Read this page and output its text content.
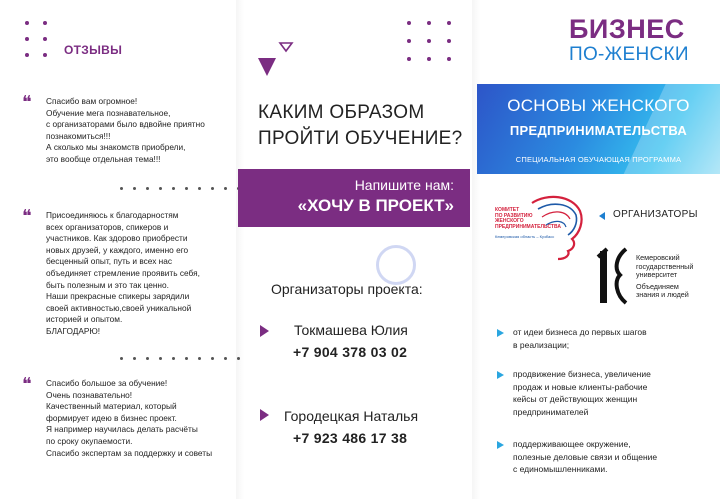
ОТЗЫВЫ
❝ Спасибо вам огромное!
Обучение мега познавательное,
с организаторами было вдвойне приятно
познакомиться!!!
А сколько мы знакомств приобрели,
это вообще отдельная тема!!!
❝ Присоединяюсь к благодарностям
всех организаторов, спикеров и
участников. Как здорово приобрести
новых друзей, у каждого, именно его
бесценный опыт, путь и всех нас
объединяет стремление проявить себя,
быть полезным и это так ценно.
Наши прекрасные спикеры зарядили
своей активностью,своей уникальной
историей и опытом.
БЛАГОДАРЮ!
❝ Спасибо большое за обучение!
Очень познавательно!
Качественный материал, который
формирует идею в бизнес проект.
Я например научилась делать расчёты
по сроку окупаемости.
Спасибо экспертам за поддержку и советы
КАКИМ ОБРАЗОМ
ПРОЙТИ ОБУЧЕНИЕ?
Напишите нам:
«ХОЧУ В ПРОЕКТ»
Организаторы проекта:
Токмашева Юлия
+7 904 378 03 02
Городецкая Наталья
+7 923 486 17 38
БИЗНЕС
ПО-ЖЕНСКИ
ОСНОВЫ ЖЕНСКОГО
ПРЕДПРИНИМАТЕЛЬСТВА
СПЕЦИАЛЬНАЯ ОБУЧАЮЩАЯ ПРОГРАММА
КОМИТЕТ
ПО РАЗВИТИЮ
ЖЕНСКОГО
ПРЕДПРИНИМАТЕЛЬСТВА
Кемеровская область – Кузбасс
ОРГАНИЗАТОРЫ
Кемеровский
государственный
университет
Объединяем
знания и людей
от идеи бизнеса до первых шагов
в реализации;
продвижение бизнеса, увеличение
продаж и новые клиенты-рабочие
кейсы от действующих женщин
предпринимателей
поддерживающее окружение,
полезные деловые связи и общение
с единомышленниками.
